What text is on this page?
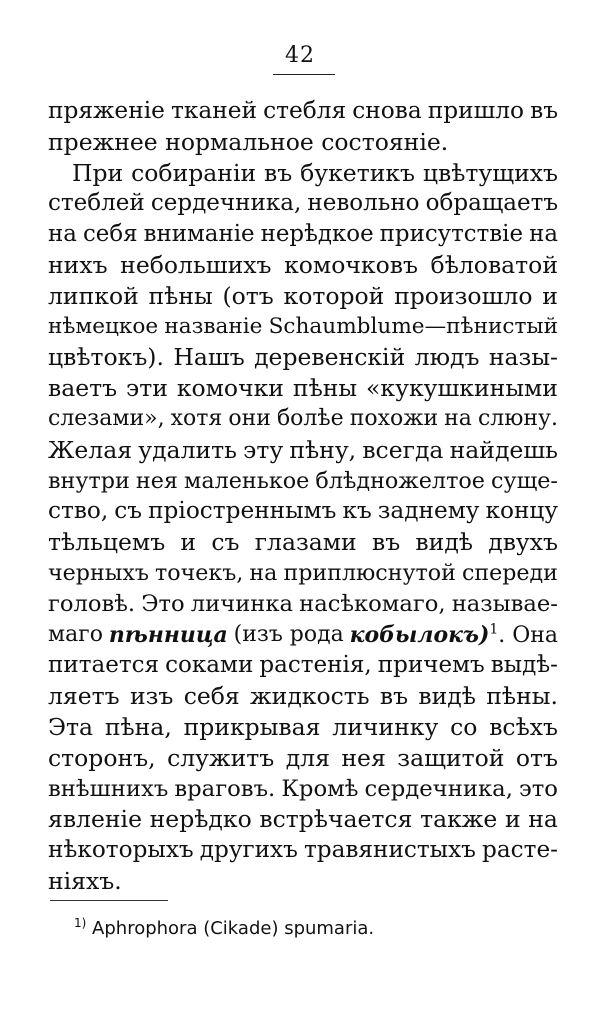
42
пряженіе тканей стебля снова пришло въ
прежнее нормальное состояніе.
При собираніи въ букетикъ цвѣтущихъ
стеблей сердечника, невольно обращаетъ
на себя вниманіе нерѣдкое присутствіе на
нихъ небольшихъ комочковъ бѣловатой
липкой пѣны (отъ которой произошло и
нѣмецкое названіе Schaumblume—пѣнистый
цвѣтокъ). Нашъ деревенскій людъ назы-
ваетъ эти комочки пѣны «кукушкиными
слезами», хотя они болѣе похожи на слюну.
Желая удалить эту пѣну, всегда найдешь
внутри нея маленькое блѣдножелтое суще-
ство, съ пріостреннымъ къ заднему концу
тѣльцемъ и съ глазами въ видѣ двухъ
черныхъ точекъ, на приплюснутой спереди
головѣ. Это личинка насѣкомаго, называе-
маго пѣнница (изъ рода кобылокъ)$^1$. Она
питается соками растенія, причемъ выдѣ-
ляетъ изъ себя жидкость въ видѣ пѣны.
Эта пѣна, прикрывая личинку со всѣхъ
сторонъ, служитъ для нея защитой отъ
внѣшнихъ враговъ. Кромѣ сердечника, это
явленіе нерѣдко встрѣчается также и на
нѣкоторыхъ другихъ травянистыхъ расте-
ніяхъ.
$^{1)}$ Aphrophora (Cikade) spumaria.
